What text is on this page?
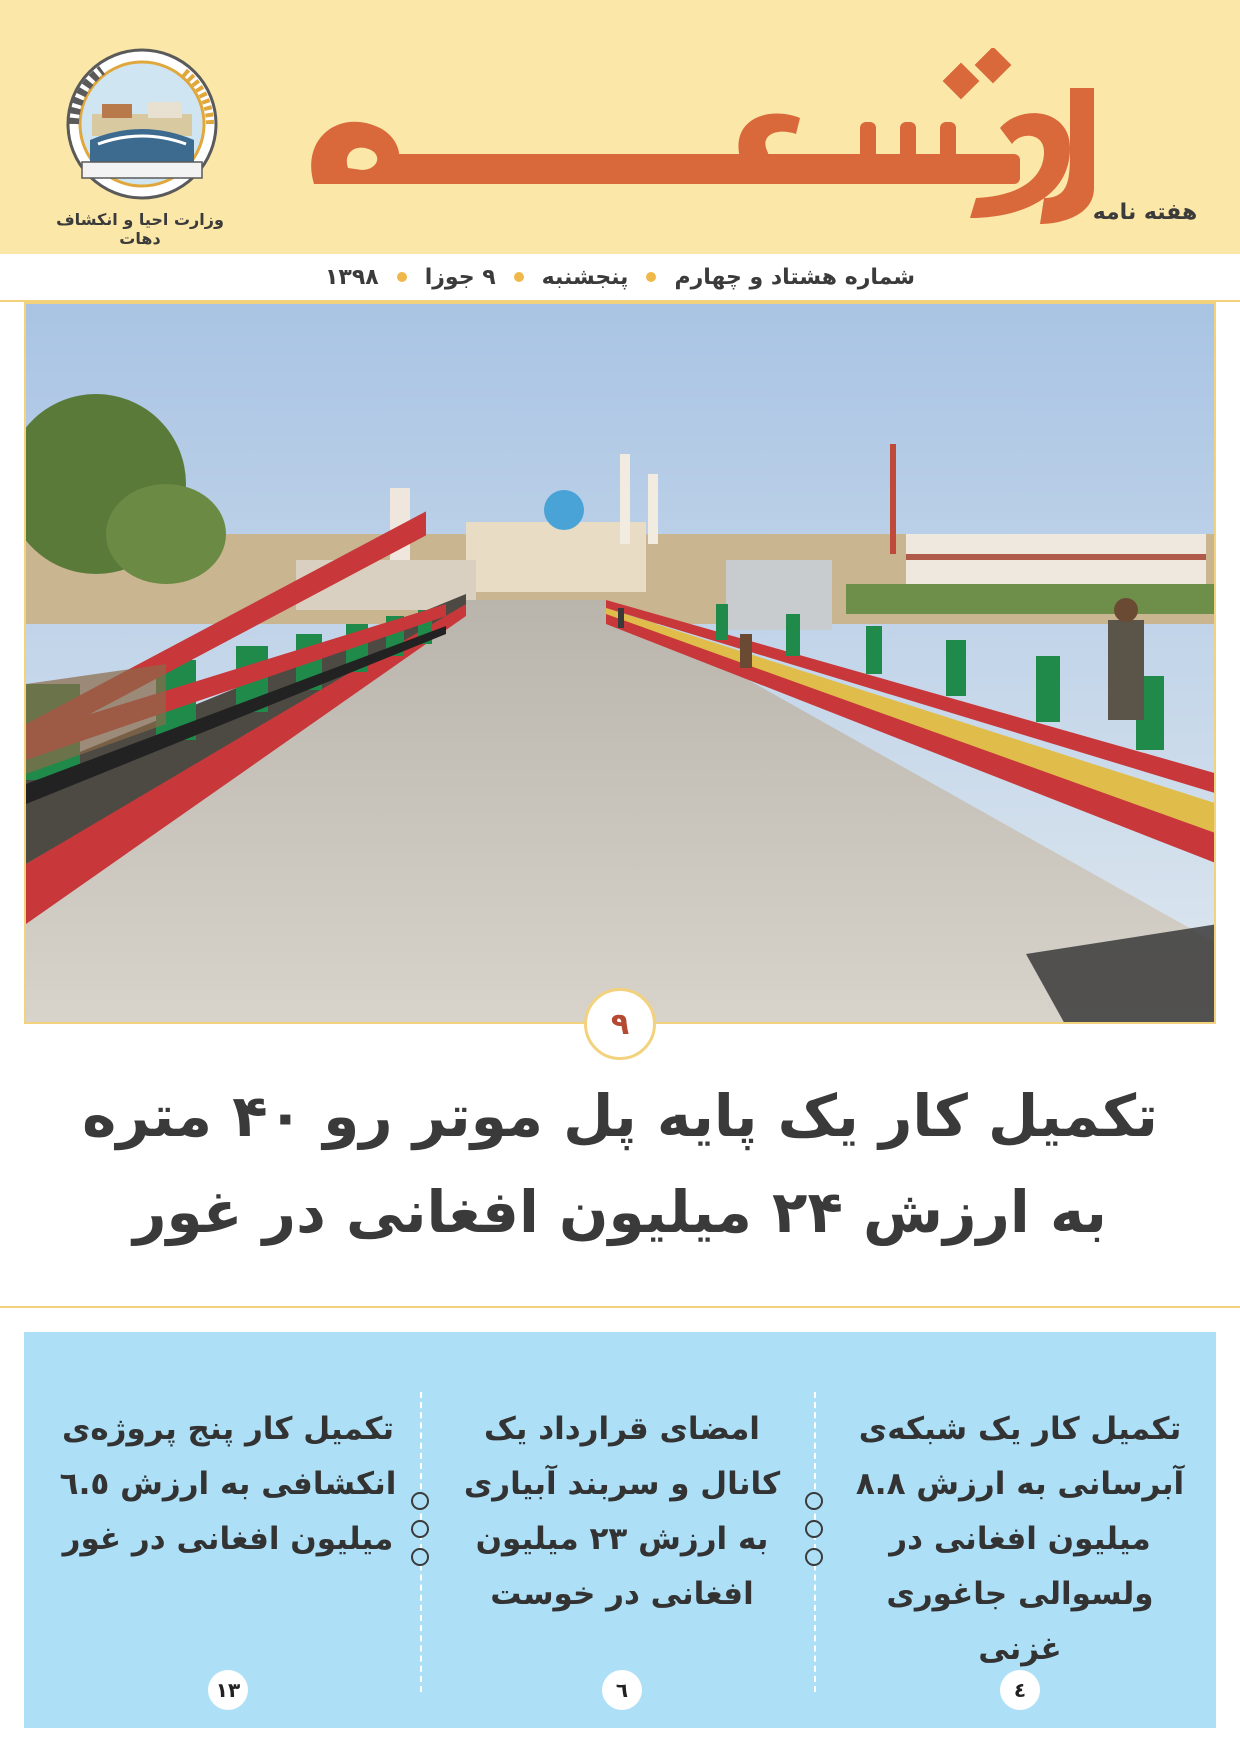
وزارت احیا و انکشاف دهات
هفته نامه
شماره هشتاد و چهارم
پنجشنبه
۹ جوزا
۱۳۹۸
۹
تکمیل کار یک پایه پل موتر رو ۴۰ متره
به ارزش ۲۴ میلیون افغانی در غور
تکمیل کار یک شبکه‌ی آبرسانی به ارزش ۸.۸ میلیون افغانی در ولسوالی جاغوری غزنی
٤
امضای قرارداد یک کانال و سربند آبیاری به ارزش ۲۳ میلیون افغانی در خوست
٦
تکمیل کار پنج پروژه‌ی انکشافی به ارزش ٦.٥ میلیون افغانی در غور
۱۳
